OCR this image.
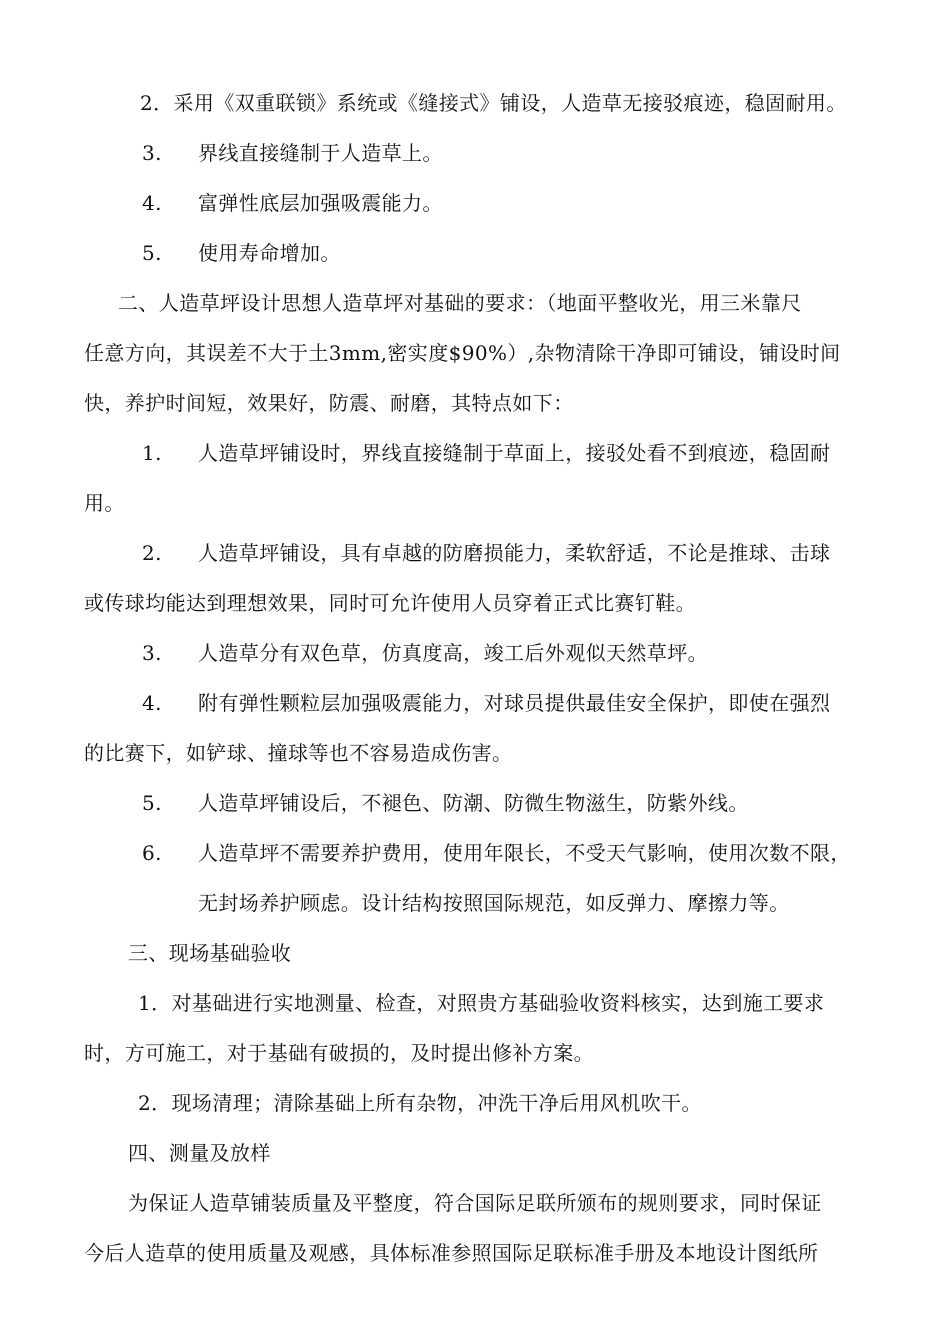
2．采用《双重联锁》系统或《缝接式》铺设，人造草无接驳痕迹，稳固耐用。
3. 界线直接缝制于人造草上。
4. 富弹性底层加强吸震能力。
5. 使用寿命增加。
二、人造草坪设计思想人造草坪对基础的要求：（地面平整收光，用三米靠尺
任意方向，其误差不大于土3mm,密实度$90%）,杂物清除干净即可铺设，铺设时间
快，养护时间短，效果好，防震、耐磨，其特点如下：
1. 人造草坪铺设时，界线直接缝制于草面上，接驳处看不到痕迹，稳固耐
用。
2. 人造草坪铺设，具有卓越的防磨损能力，柔软舒适，不论是推球、击球
或传球均能达到理想效果，同时可允许使用人员穿着正式比赛钉鞋。
3. 人造草分有双色草，仿真度高，竣工后外观似天然草坪。
4. 附有弹性颗粒层加强吸震能力，对球员提供最佳安全保护，即使在强烈
的比赛下，如铲球、撞球等也不容易造成伤害。
5. 人造草坪铺设后，不褪色、防潮、防微生物滋生，防紫外线。
6. 人造草坪不需要养护费用，使用年限长，不受天气影响，使用次数不限，
无封场养护顾虑。设计结构按照国际规范，如反弹力、摩擦力等。
三、现场基础验收
1．对基础进行实地测量、检查，对照贵方基础验收资料核实，达到施工要求
时，方可施工，对于基础有破损的，及时提出修补方案。
2．现场清理；清除基础上所有杂物，冲洗干净后用风机吹干。
四、测量及放样
为保证人造草铺装质量及平整度，符合国际足联所颁布的规则要求，同时保证
今后人造草的使用质量及观感，具体标准参照国际足联标准手册及本地设计图纸所
